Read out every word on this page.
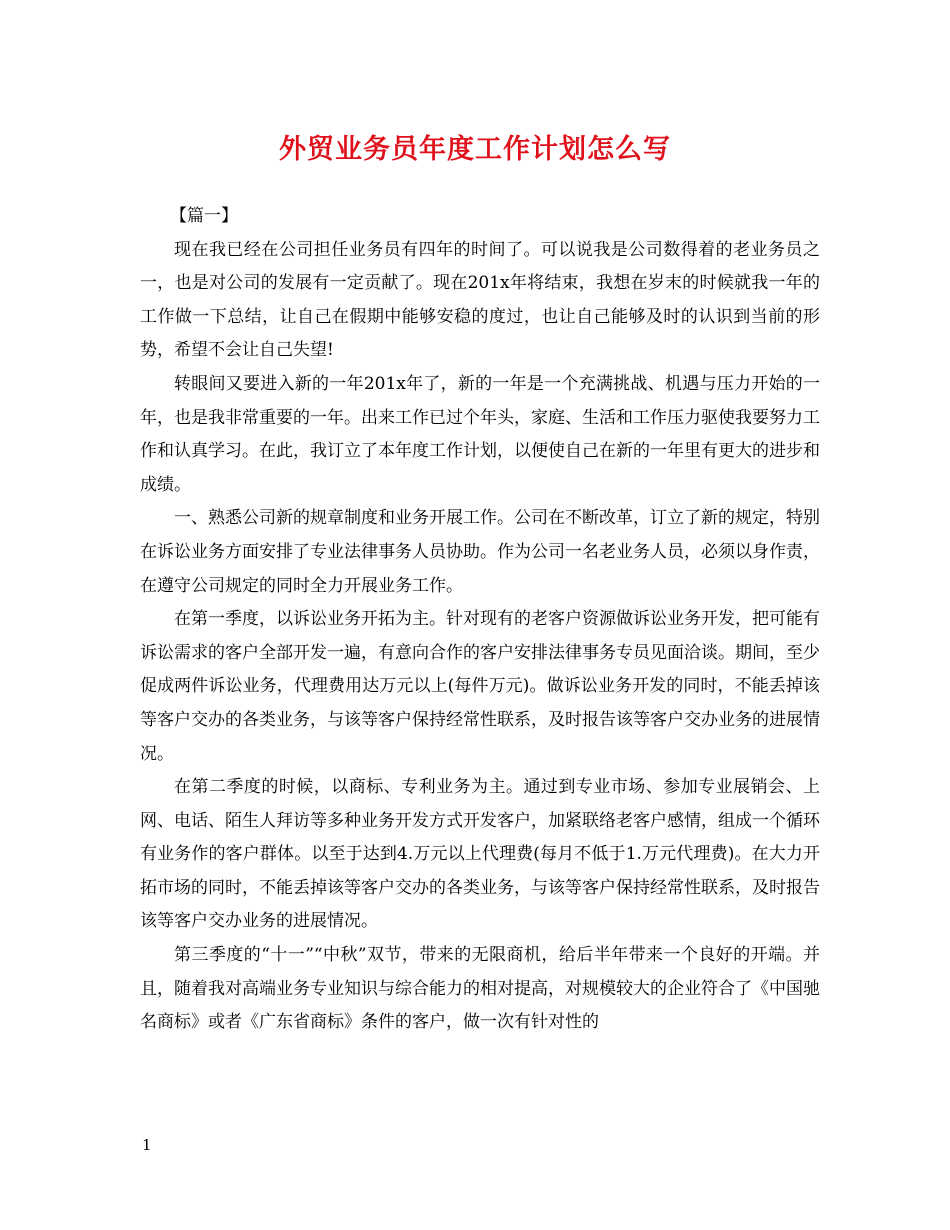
外贸业务员年度工作计划怎么写

【篇一】

现在我已经在公司担任业务员有四年的时间了。可以说我是公司数得着的老业务员之一，也是对公司的发展有一定贡献了。现在201x年将结束，我想在岁末的时候就我一年的工作做一下总结，让自己在假期中能够安稳的度过，也让自己能够及时的认识到当前的形势，希望不会让自己失望!

转眼间又要进入新的一年201x年了，新的一年是一个充满挑战、机遇与压力开始的一年，也是我非常重要的一年。出来工作已过个年头，家庭、生活和工作压力驱使我要努力工作和认真学习。在此，我订立了本年度工作计划，以便使自己在新的一年里有更大的进步和成绩。

一、熟悉公司新的规章制度和业务开展工作。公司在不断改革，订立了新的规定，特别在诉讼业务方面安排了专业法律事务人员协助。作为公司一名老业务人员，必须以身作责，在遵守公司规定的同时全力开展业务工作。

在第一季度，以诉讼业务开拓为主。针对现有的老客户资源做诉讼业务开发，把可能有诉讼需求的客户全部开发一遍，有意向合作的客户安排法律事务专员见面洽谈。期间，至少促成两件诉讼业务，代理费用达万元以上(每件万元)。做诉讼业务开发的同时，不能丢掉该等客户交办的各类业务，与该等客户保持经常性联系，及时报告该等客户交办业务的进展情况。

在第二季度的时候，以商标、专利业务为主。通过到专业市场、参加专业展销会、上网、电话、陌生人拜访等多种业务开发方式开发客户，加紧联络老客户感情，组成一个循环有业务作的客户群体。以至于达到4.万元以上代理费(每月不低于1.万元代理费)。在大力开拓市场的同时，不能丢掉该等客户交办的各类业务，与该等客户保持经常性联系，及时报告该等客户交办业务的进展情况。

第三季度的“十一”“中秋”双节，带来的无限商机，给后半年带来一个良好的开端。并且，随着我对高端业务专业知识与综合能力的相对提高，对规模较大的企业符合了《中国驰名商标》或者《广东省商标》条件的客户，做一次有针对性的

1
